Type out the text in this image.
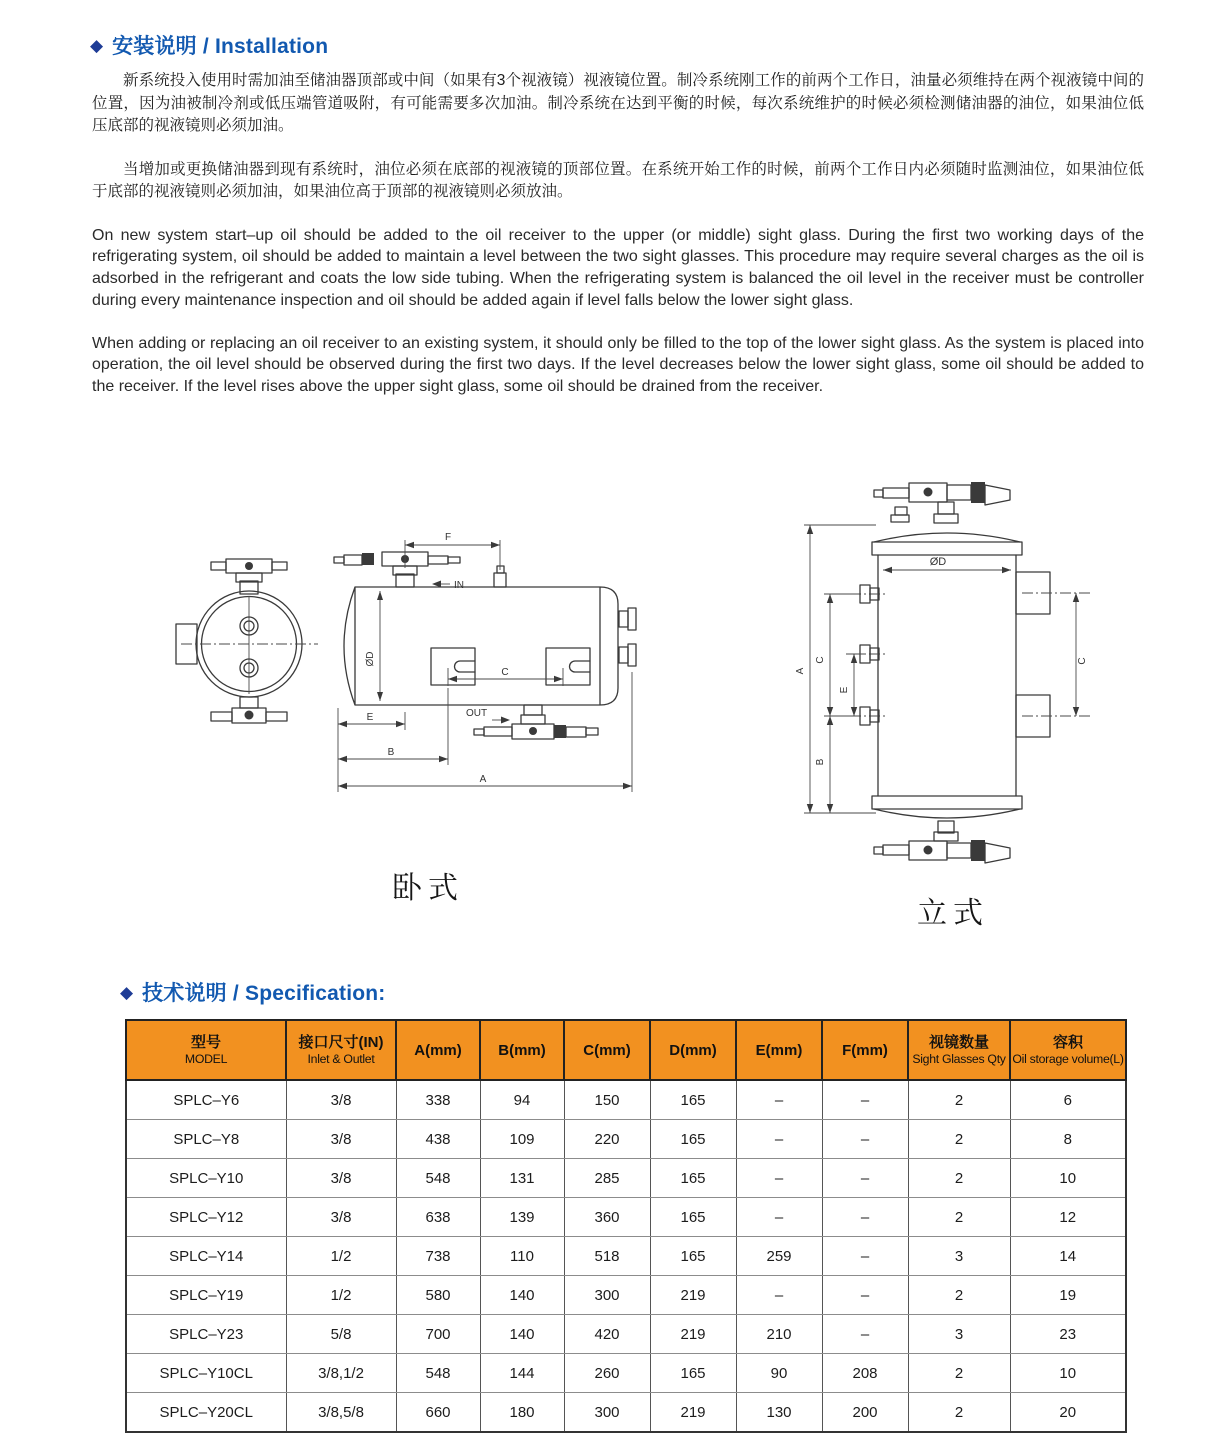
◆ 安装说明 / Installation

新系统投入使用时需加油至储油器顶部或中间（如果有3个视液镜）视液镜位置。制冷系统刚工作的前两个工作日，油量必须维持在两个视液镜中间的位置，因为油被制冷剂或低压端管道吸附，有可能需要多次加油。制冷系统在达到平衡的时候，每次系统维护的时候必须检测储油器的油位，如果油位低压底部的视液镜则必须加油。

当增加或更换储油器到现有系统时，油位必须在底部的视液镜的顶部位置。在系统开始工作的时候，前两个工作日内必须随时监测油位，如果油位低于底部的视液镜则必须加油，如果油位高于顶部的视液镜则必须放油。

On new system start–up oil should be added to the oil receiver to the upper (or middle) sight glass. During the first two working days of the refrigerating system, oil should be added to maintain a level between the two sight glasses. This procedure may require several charges as the oil is adsorbed in the refrigerant and coats the low side tubing. When the refrigerating system is balanced the oil level in the receiver must be controller during every maintenance inspection and oil should be added again if level falls below the lower sight glass.

When adding or replacing an oil receiver to an existing system, it should only be filled to the top of the lower sight glass. As the system is placed into operation, the oil level should be observed during the first two days. If the level decreases below the lower sight glass, some oil should be added to the receiver. If the level rises above the upper sight glass, some oil should be drained from the receiver.

ØD
IN
F
C
OUT
E
B
A
卧式
ØD
C
A
C
B
E
立式
◆ 技术说明 / Specification:
型号
MODEL

接口尺寸(IN)
Inlet & Outlet

A(mm)	B(mm)	C(mm)	D(mm)	E(mm)	F(mm)	视镜数量
Sight Glasses Qty

容积
Oil storage volume(L)

SPLC–Y6	3/8	338	94	150	165	–	–	2	6
SPLC–Y8	3/8	438	109	220	165	–	–	2	8
SPLC–Y10	3/8	548	131	285	165	–	–	2	10
SPLC–Y12	3/8	638	139	360	165	–	–	2	12
SPLC–Y14	1/2	738	110	518	165	259	–	3	14
SPLC–Y19	1/2	580	140	300	219	–	–	2	19
SPLC–Y23	5/8	700	140	420	219	210	–	3	23
SPLC–Y10CL	3/8,1/2	548	144	260	165	90	208	2	10
SPLC–Y20CL	3/8,5/8	660	180	300	219	130	200	2	20
